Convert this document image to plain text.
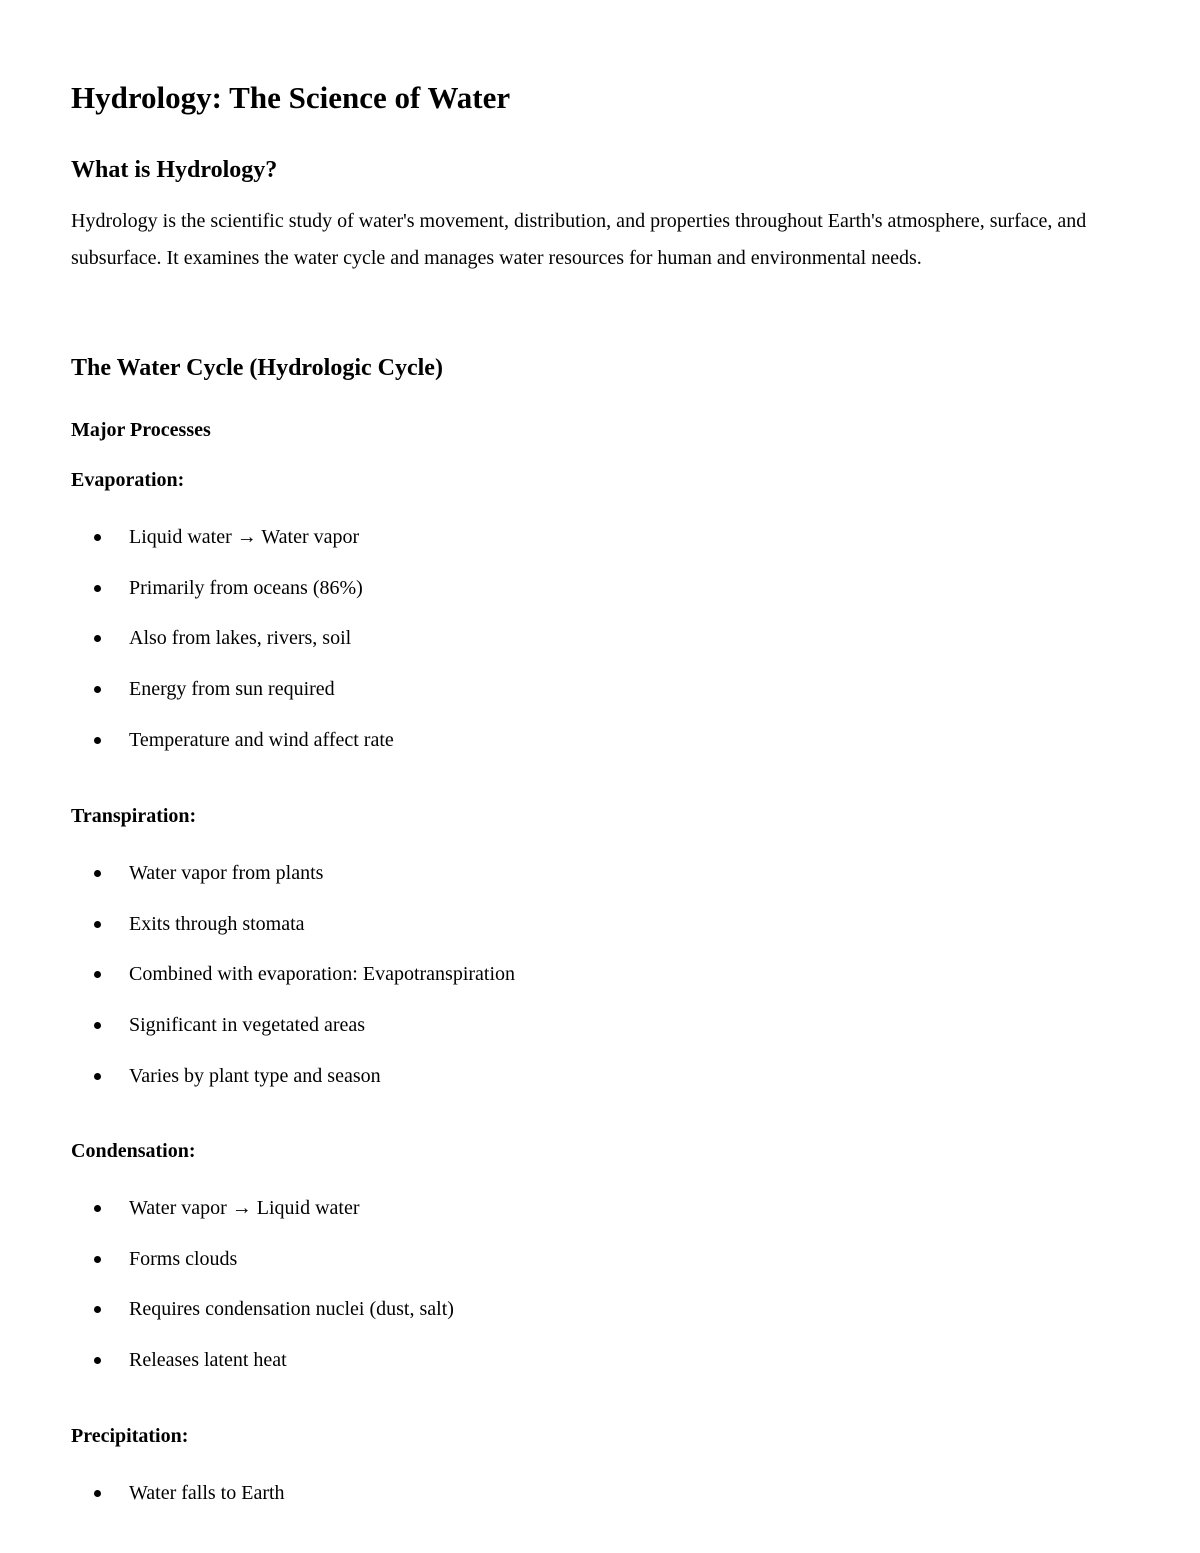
Hydrology: The Science of Water
What is Hydrology?

Hydrology is the scientific study of water's movement, distribution, and properties throughout Earth's atmosphere, surface, and subsurface. It examines the water cycle and manages water resources for human and environmental needs.

The Water Cycle (Hydrologic Cycle)
Major Processes
Evaporation:
Liquid water → Water vapor
Primarily from oceans (86%)
Also from lakes, rivers, soil
Energy from sun required
Temperature and wind affect rate
Transpiration:
Water vapor from plants
Exits through stomata
Combined with evaporation: Evapotranspiration
Significant in vegetated areas
Varies by plant type and season
Condensation:
Water vapor → Liquid water
Forms clouds
Requires condensation nuclei (dust, salt)
Releases latent heat
Precipitation:
Water falls to Earth
